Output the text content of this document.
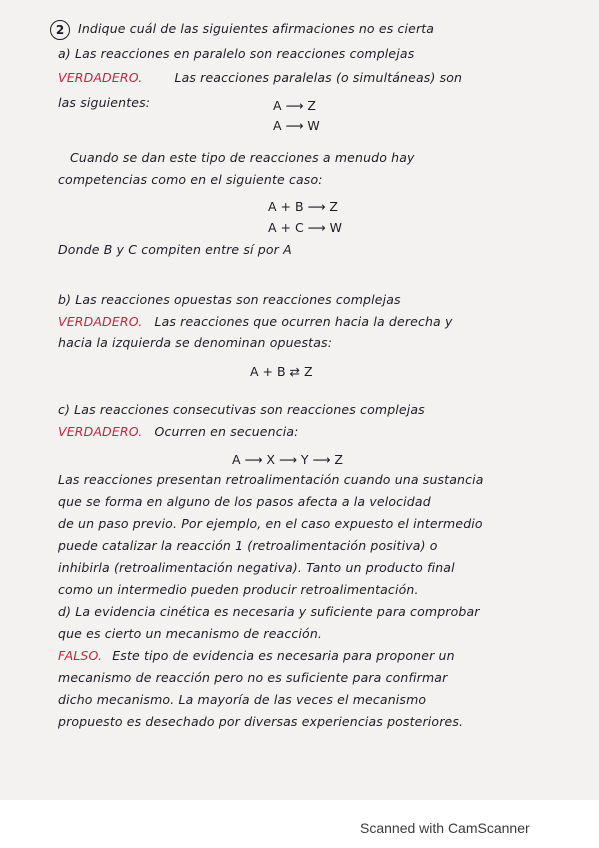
2	Indique cuál de las siguientes afirmaciones no es cierta

a) Las reacciones en paralelo son reacciones complejas

VERDADERO.	Las reacciones paralelas (o simultáneas) son

las siguientes:	A ⟶ Z
A ⟶ W

Cuando se dan este tipo de reacciones a menudo hay

competencias como en el siguiente caso:

A + B ⟶ Z
A + C ⟶ W

Donde B y C compiten entre sí por A

b) Las reacciones opuestas son reacciones complejas

VERDADERO. Las reacciones que ocurren hacia la derecha y

hacia la izquierda se denominan opuestas:

A + B ⇄ Z

c) Las reacciones consecutivas son reacciones complejas

VERDADERO. Ocurren en secuencia:

A ⟶ X ⟶ Y ⟶ Z

Las reacciones presentan retroalimentación cuando una sustancia

que se forma en alguno de los pasos afecta a la velocidad

de un paso previo. Por ejemplo, en el caso expuesto el intermedio

puede catalizar la reacción 1 (retroalimentación positiva) o

inhibirla (retroalimentación negativa). Tanto un producto final

como un intermedio pueden producir retroalimentación.

d) La evidencia cinética es necesaria y suficiente para comprobar

que es cierto un mecanismo de reacción.

FALSO. Este tipo de evidencia es necesaria para proponer un

mecanismo de reacción pero no es suficiente para confirmar

dicho mecanismo. La mayoría de las veces el mecanismo

propuesto es desechado por diversas experiencias posteriores.

Scanned with CamScanner
